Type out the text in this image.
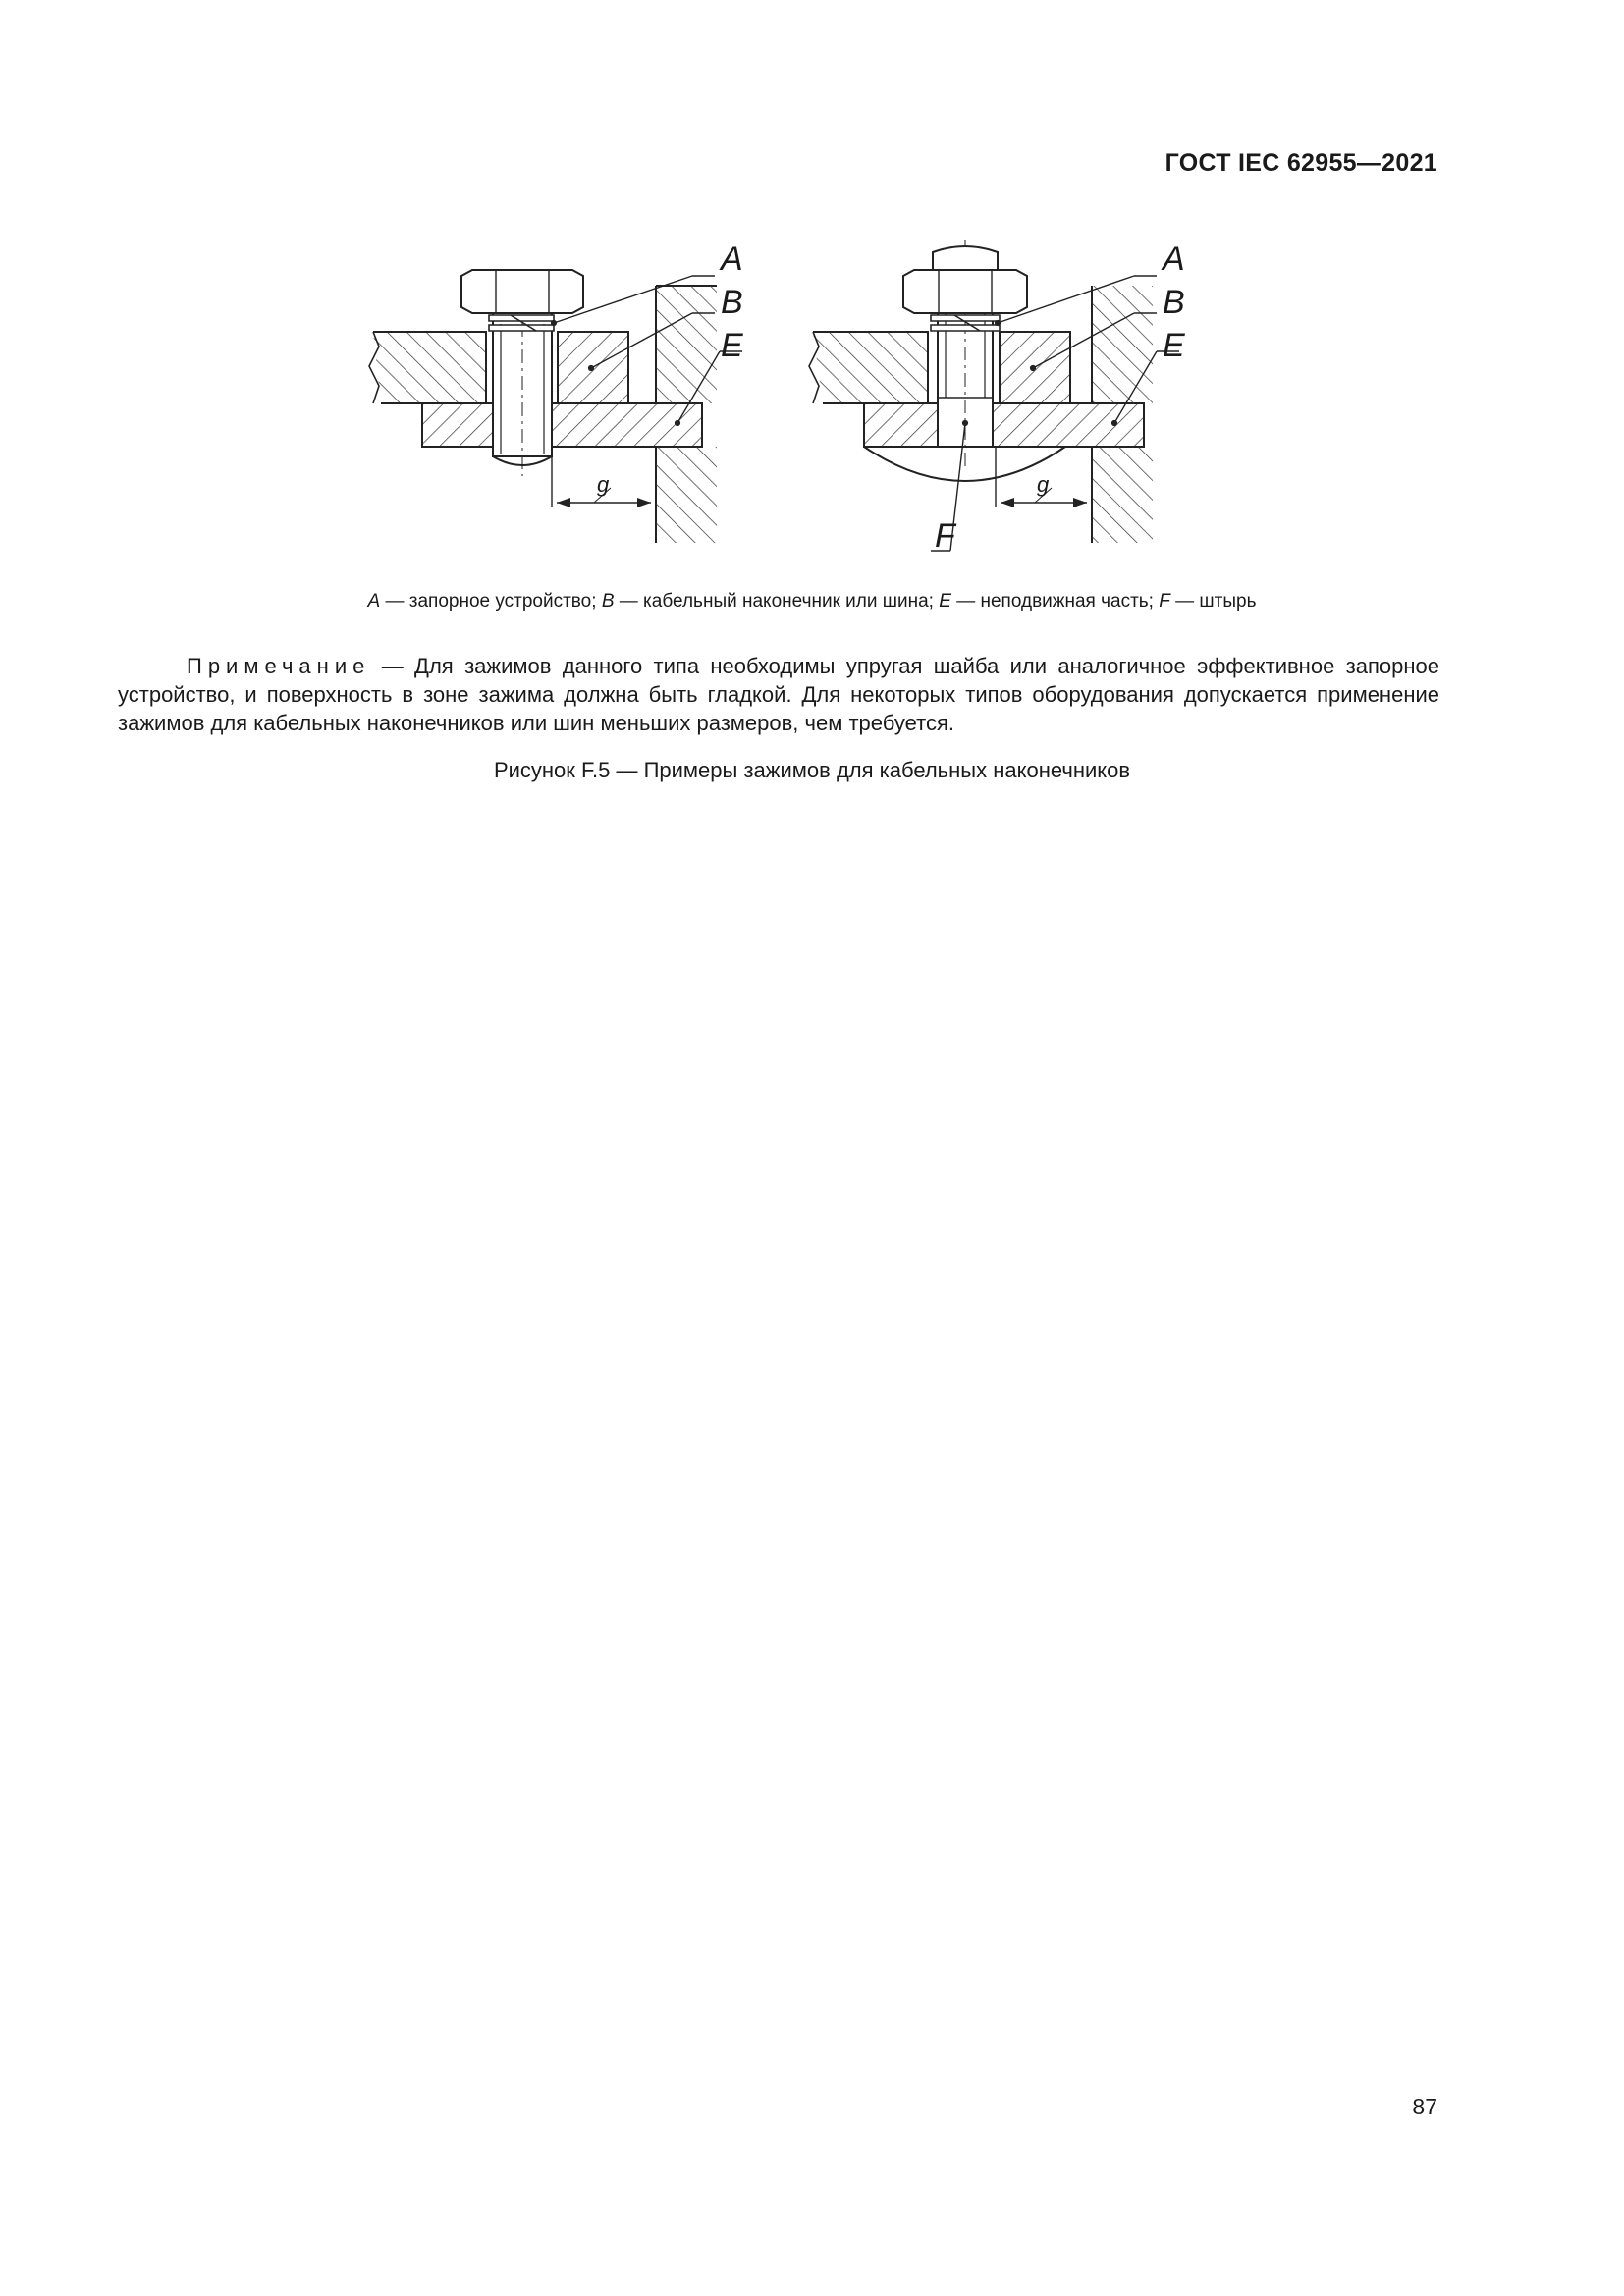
ГОСТ IEC 62955—2021
A
B
E
g
A
B
E
F
g
A — запорное устройство; B — кабельный наконечник или шина; E — неподвижная часть; F — штырь
Примечание — Для зажимов данного типа необходимы упругая шайба или аналогичное эффективное запорное устройство, и поверхность в зоне зажима должна быть гладкой. Для некоторых типов оборудования допускается применение зажимов для кабельных наконечников или шин меньших размеров, чем требуется.
Рисунок F.5 — Примеры зажимов для кабельных наконечников
87
